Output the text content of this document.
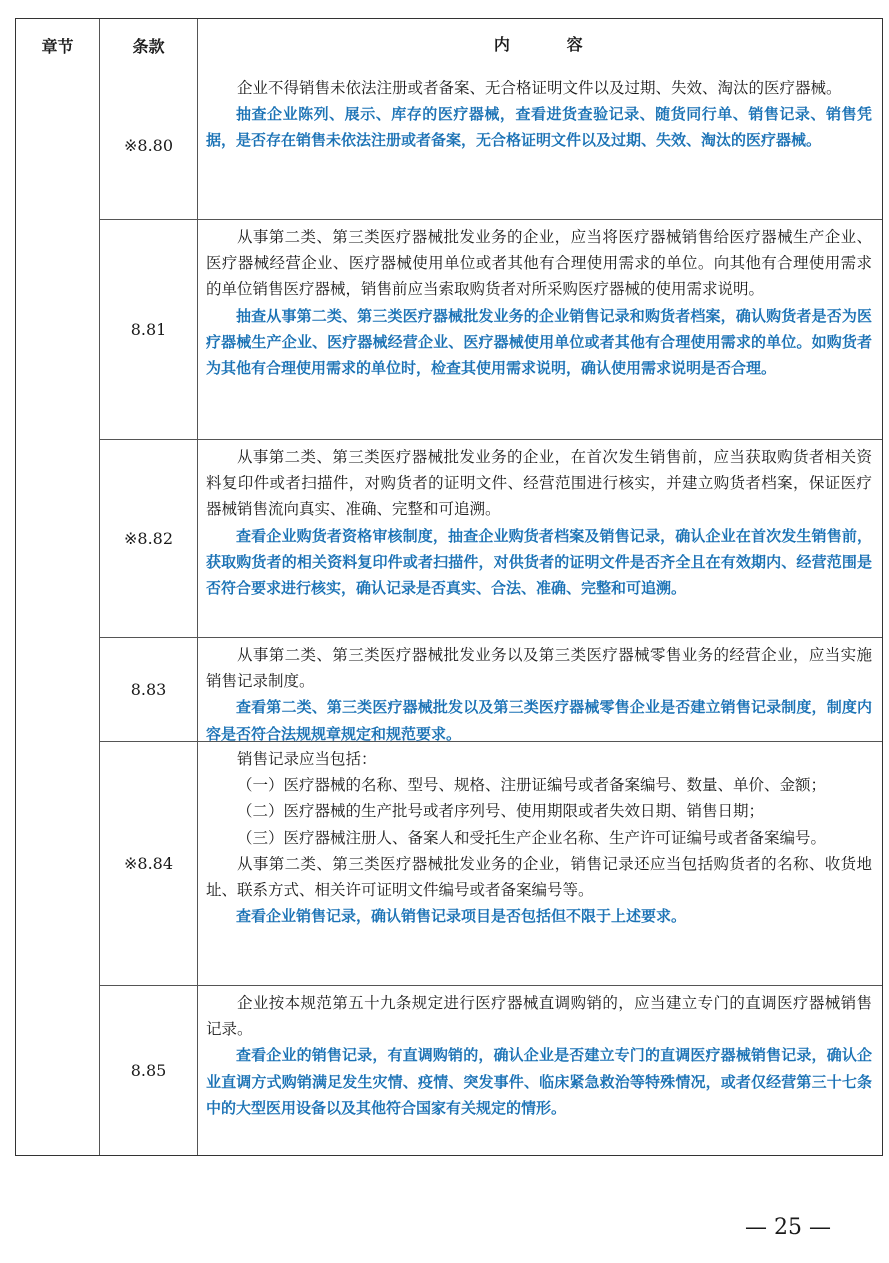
章节	条款	内 容
※8.80

企业不得销售未依法注册或者备案、无合格证明文件以及过期、失效、淘汰的医疗器械。

抽查企业陈列、展示、库存的医疗器械，查看进货查验记录、随货同行单、销售记录、销售凭据，是否存在销售未依法注册或者备案，无合格证明文件以及过期、失效、淘汰的医疗器械。

8.81

从事第二类、第三类医疗器械批发业务的企业，应当将医疗器械销售给医疗器械生产企业、医疗器械经营企业、医疗器械使用单位或者其他有合理使用需求的单位。向其他有合理使用需求的单位销售医疗器械，销售前应当索取购货者对所采购医疗器械的使用需求说明。

抽查从事第二类、第三类医疗器械批发业务的企业销售记录和购货者档案，确认购货者是否为医疗器械生产企业、医疗器械经营企业、医疗器械使用单位或者其他有合理使用需求的单位。如购货者为其他有合理使用需求的单位时，检查其使用需求说明，确认使用需求说明是否合理。

※8.82

从事第二类、第三类医疗器械批发业务的企业，在首次发生销售前，应当获取购货者相关资料复印件或者扫描件，对购货者的证明文件、经营范围进行核实，并建立购货者档案，保证医疗器械销售流向真实、准确、完整和可追溯。

查看企业购货者资格审核制度，抽查企业购货者档案及销售记录，确认企业在首次发生销售前，获取购货者的相关资料复印件或者扫描件，对供货者的证明文件是否齐全且在有效期内、经营范围是否符合要求进行核实，确认记录是否真实、合法、准确、完整和可追溯。

8.83

从事第二类、第三类医疗器械批发业务以及第三类医疗器械零售业务的经营企业，应当实施销售记录制度。

查看第二类、第三类医疗器械批发以及第三类医疗器械零售企业是否建立销售记录制度，制度内容是否符合法规规章规定和规范要求。

※8.84

销售记录应当包括：

（一）医疗器械的名称、型号、规格、注册证编号或者备案编号、数量、单价、金额；

（二）医疗器械的生产批号或者序列号、使用期限或者失效日期、销售日期；

（三）医疗器械注册人、备案人和受托生产企业名称、生产许可证编号或者备案编号。

从事第二类、第三类医疗器械批发业务的企业，销售记录还应当包括购货者的名称、收货地址、联系方式、相关许可证明文件编号或者备案编号等。

查看企业销售记录，确认销售记录项目是否包括但不限于上述要求。

8.85

企业按本规范第五十九条规定进行医疗器械直调购销的，应当建立专门的直调医疗器械销售记录。

查看企业的销售记录，有直调购销的，确认企业是否建立专门的直调医疗器械销售记录，确认企业直调方式购销满足发生灾情、疫情、突发事件、临床紧急救治等特殊情况，或者仅经营第三十七条中的大型医用设备以及其他符合国家有关规定的情形。

— 25 —
